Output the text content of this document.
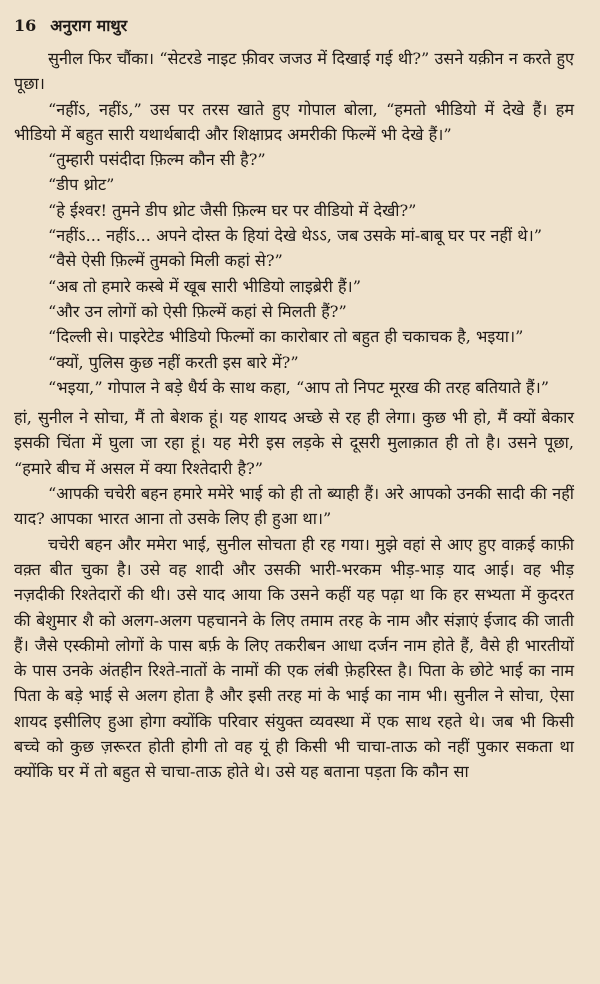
16 अनुराग माथुर

सुनील फिर चौंका। “सेटरडे नाइट फ़ीवर जजउ में दिखाई गई थी?” उसने यक़ीन न करते हुए पूछा।

“नहींऽ, नहींऽ,” उस पर तरस खाते हुए गोपाल बोला, “हमतो भीडियो में देखे हैं। हम भीडियो में बहुत सारी यथार्थबादी और शिक्षाप्रद अमरीकी फिल्में भी देखे हैं।”

“तुम्हारी पसंदीदा फ़िल्म कौन सी है?”

“डीप थ्रोट”

“हे ईश्वर! तुमने डीप थ्रोट जैसी फ़िल्म घर पर वीडियो में देखी?”

“नहींऽ... नहींऽ... अपने दोस्त के हियां देखे थेऽऽ, जब उसके मां-बाबू घर पर नहीं थे।”

“वैसे ऐसी फ़िल्में तुमको मिली कहां से?”

“अब तो हमारे कस्बे में खूब सारी भीडियो लाइब्रेरी हैं।”

“और उन लोगों को ऐसी फ़िल्में कहां से मिलती हैं?”

“दिल्ली से। पाइरेटेड भीडियो फिल्मों का कारोबार तो बहुत ही चकाचक है, भइया।”

“क्यों, पुलिस कुछ नहीं करती इस बारे में?”

“भइया,” गोपाल ने बड़े धैर्य के साथ कहा, “आप तो निपट मूरख की तरह बतियाते हैं।”

हां, सुनील ने सोचा, मैं तो बेशक हूं। यह शायद अच्छे से रह ही लेगा। कुछ भी हो, मैं क्यों बेकार इसकी चिंता में घुला जा रहा हूं। यह मेरी इस लड़के से दूसरी मुलाक़ात ही तो है। उसने पूछा, “हमारे बीच में असल में क्या रिश्तेदारी है?”

“आपकी चचेरी बहन हमारे ममेरे भाई को ही तो ब्याही हैं। अरे आपको उनकी सादी की नहीं याद? आपका भारत आना तो उसके लिए ही हुआ था।”

चचेरी बहन और ममेरा भाई, सुनील सोचता ही रह गया। मुझे वहां से आए हुए वाक़ई काफ़ी वक़्त बीत चुका है। उसे वह शादी और उसकी भारी-भरकम भीड़-भाड़ याद आई। वह भीड़ नज़दीकी रिश्तेदारों की थी। उसे याद आया कि उसने कहीं यह पढ़ा था कि हर सभ्यता में कुदरत की बेशुमार शै को अलग-अलग पहचानने के लिए तमाम तरह के नाम और संज्ञाएं ईजाद की जाती हैं। जैसे एस्कीमो लोगों के पास बर्फ़ के लिए तकरीबन आधा दर्जन नाम होते हैं, वैसे ही भारतीयों के पास उनके अंतहीन रिश्ते-नातों के नामों की एक लंबी फ़ेहरिस्त है। पिता के छोटे भाई का नाम पिता के बड़े भाई से अलग होता है और इसी तरह मां के भाई का नाम भी। सुनील ने सोचा, ऐसा शायद इसीलिए हुआ होगा क्योंकि परिवार संयुक्त व्यवस्था में एक साथ रहते थे। जब भी किसी बच्चे को कुछ ज़रूरत होती होगी तो वह यूं ही किसी भी चाचा-ताऊ को नहीं पुकार सकता था क्योंकि घर में तो बहुत से चाचा-ताऊ होते थे। उसे यह बताना पड़ता कि कौन सा
